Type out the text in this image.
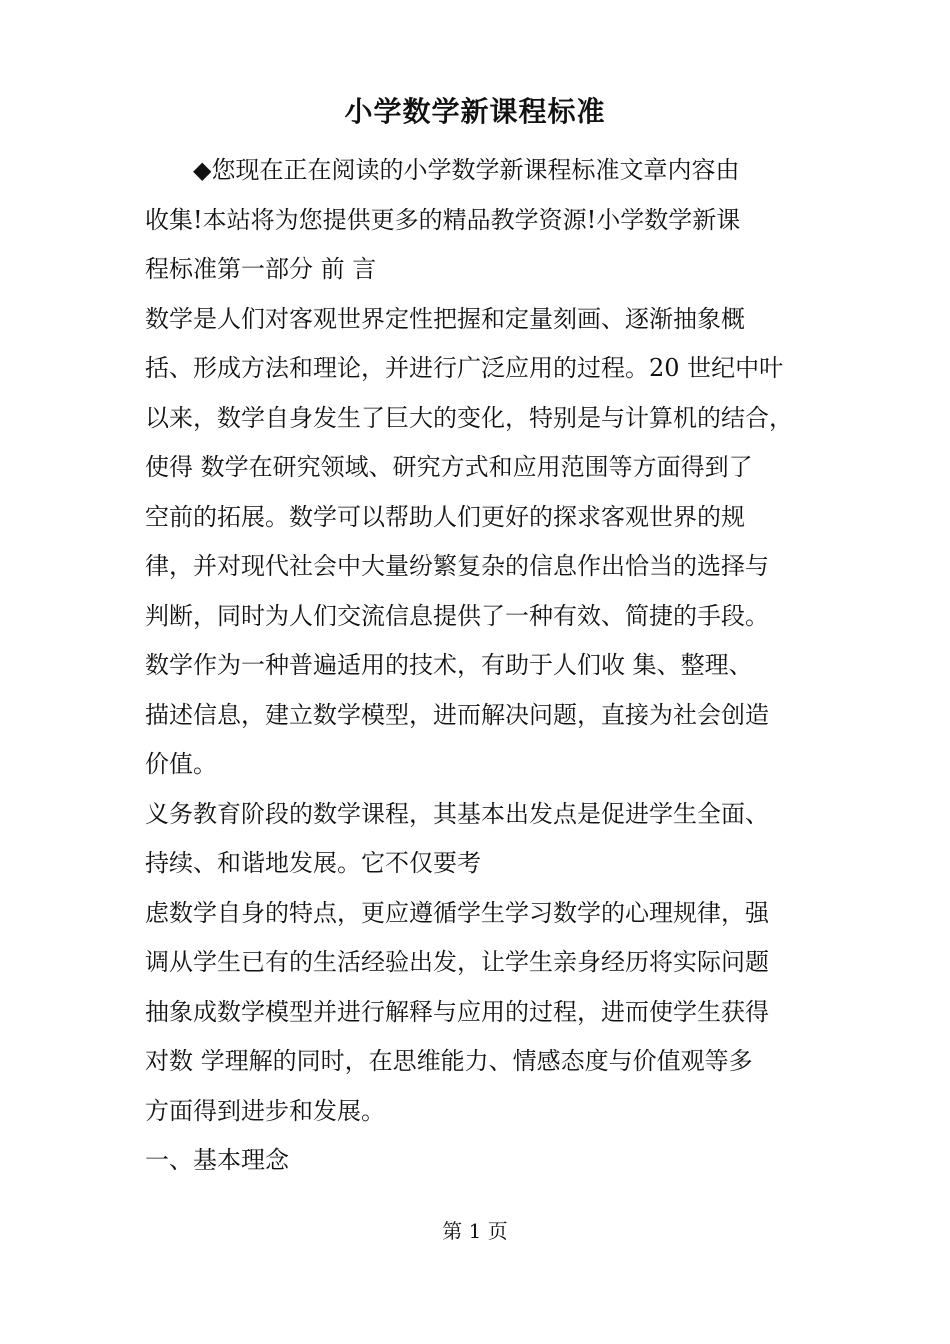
小学数学新课程标准
◆您现在正在阅读的小学数学新课程标准文章内容由
收集!本站将为您提供更多的精品教学资源!小学数学新课
程标准第一部分 前 言
数学是人们对客观世界定性把握和定量刻画、逐渐抽象概
括、形成方法和理论，并进行广泛应用的过程。20 世纪中叶
以来，数学自身发生了巨大的变化，特别是与计算机的结合，
使得 数学在研究领域、研究方式和应用范围等方面得到了
空前的拓展。数学可以帮助人们更好的探求客观世界的规
律，并对现代社会中大量纷繁复杂的信息作出恰当的选择与
判断，同时为人们交流信息提供了一种有效、简捷的手段。
数学作为一种普遍适用的技术，有助于人们收 集、整理、
描述信息，建立数学模型，进而解决问题，直接为社会创造
价值。
义务教育阶段的数学课程，其基本出发点是促进学生全面、
持续、和谐地发展。它不仅要考
虑数学自身的特点，更应遵循学生学习数学的心理规律，强
调从学生已有的生活经验出发，让学生亲身经历将实际问题
抽象成数学模型并进行解释与应用的过程，进而使学生获得
对数 学理解的同时，在思维能力、情感态度与价值观等多
方面得到进步和发展。
一、基本理念
第 1 页
